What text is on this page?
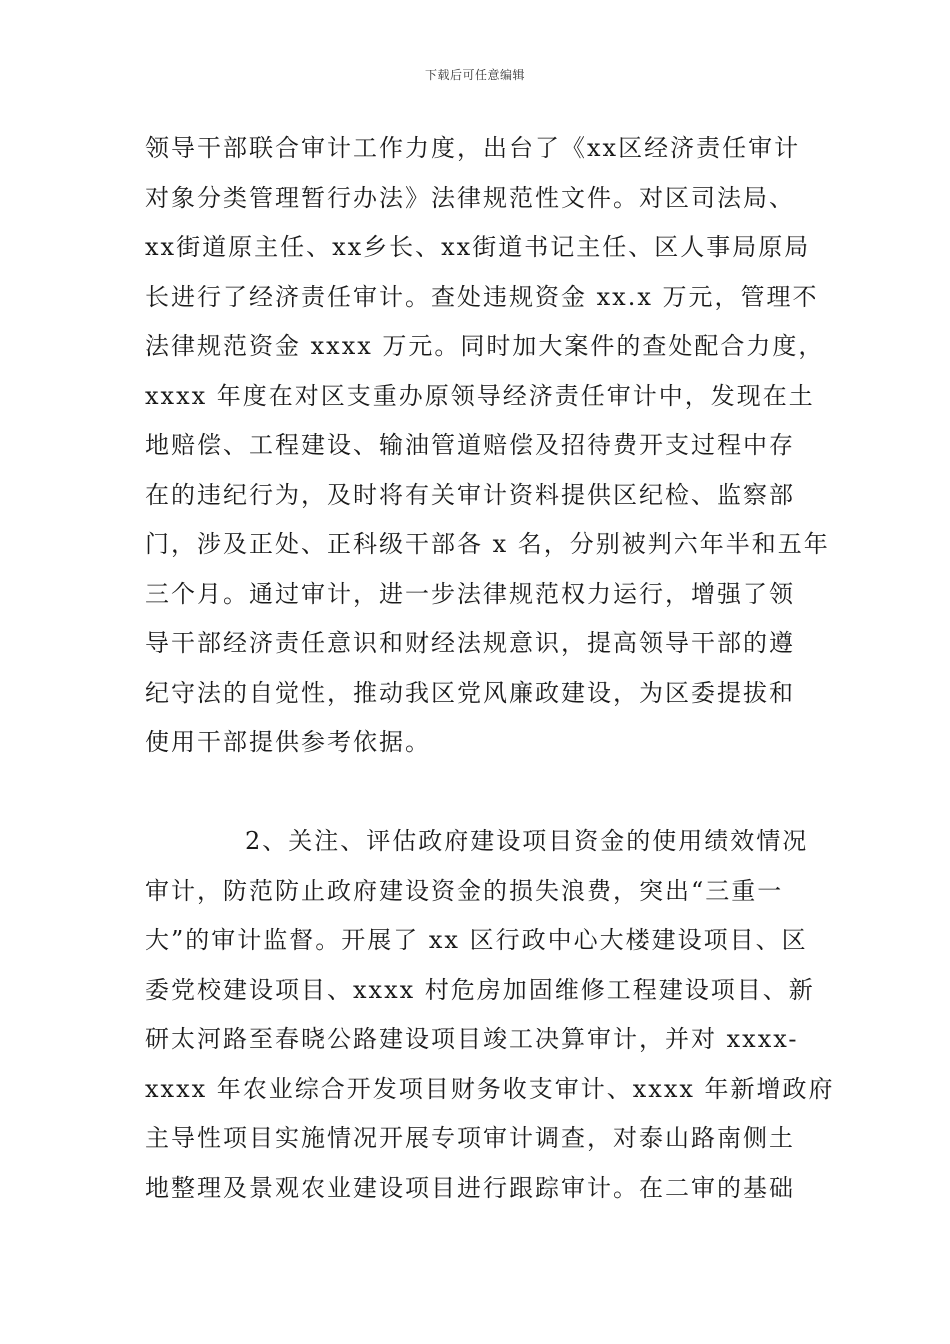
下载后可任意编辑
领导干部联合审计工作力度，出台了《xx区经济责任审计
对象分类管理暂行办法》法律规范性文件。对区司法局、
xx街道原主任、xx乡长、xx街道书记主任、区人事局原局
长进行了经济责任审计。查处违规资金 xx.x 万元，管理不
法律规范资金 xxxx 万元。同时加大案件的查处配合力度，
xxxx 年度在对区支重办原领导经济责任审计中，发现在土
地赔偿、工程建设、输油管道赔偿及招待费开支过程中存
在的违纪行为，及时将有关审计资料提供区纪检、监察部
门，涉及正处、正科级干部各 x 名，分别被判六年半和五年
三个月。通过审计，进一步法律规范权力运行，增强了领
导干部经济责任意识和财经法规意识，提高领导干部的遵
纪守法的自觉性，推动我区党风廉政建设，为区委提拔和
使用干部提供参考依据。
2、关注、评估政府建设项目资金的使用绩效情况
审计，防范防止政府建设资金的损失浪费，突出“三重一
大”的审计监督。开展了 xx 区行政中心大楼建设项目、区
委党校建设项目、xxxx 村危房加固维修工程建设项目、新
研太河路至春晓公路建设项目竣工决算审计，并对 xxxx-
xxxx 年农业综合开发项目财务收支审计、xxxx 年新增政府
主导性项目实施情况开展专项审计调查，对泰山路南侧土
地整理及景观农业建设项目进行跟踪审计。在二审的基础
